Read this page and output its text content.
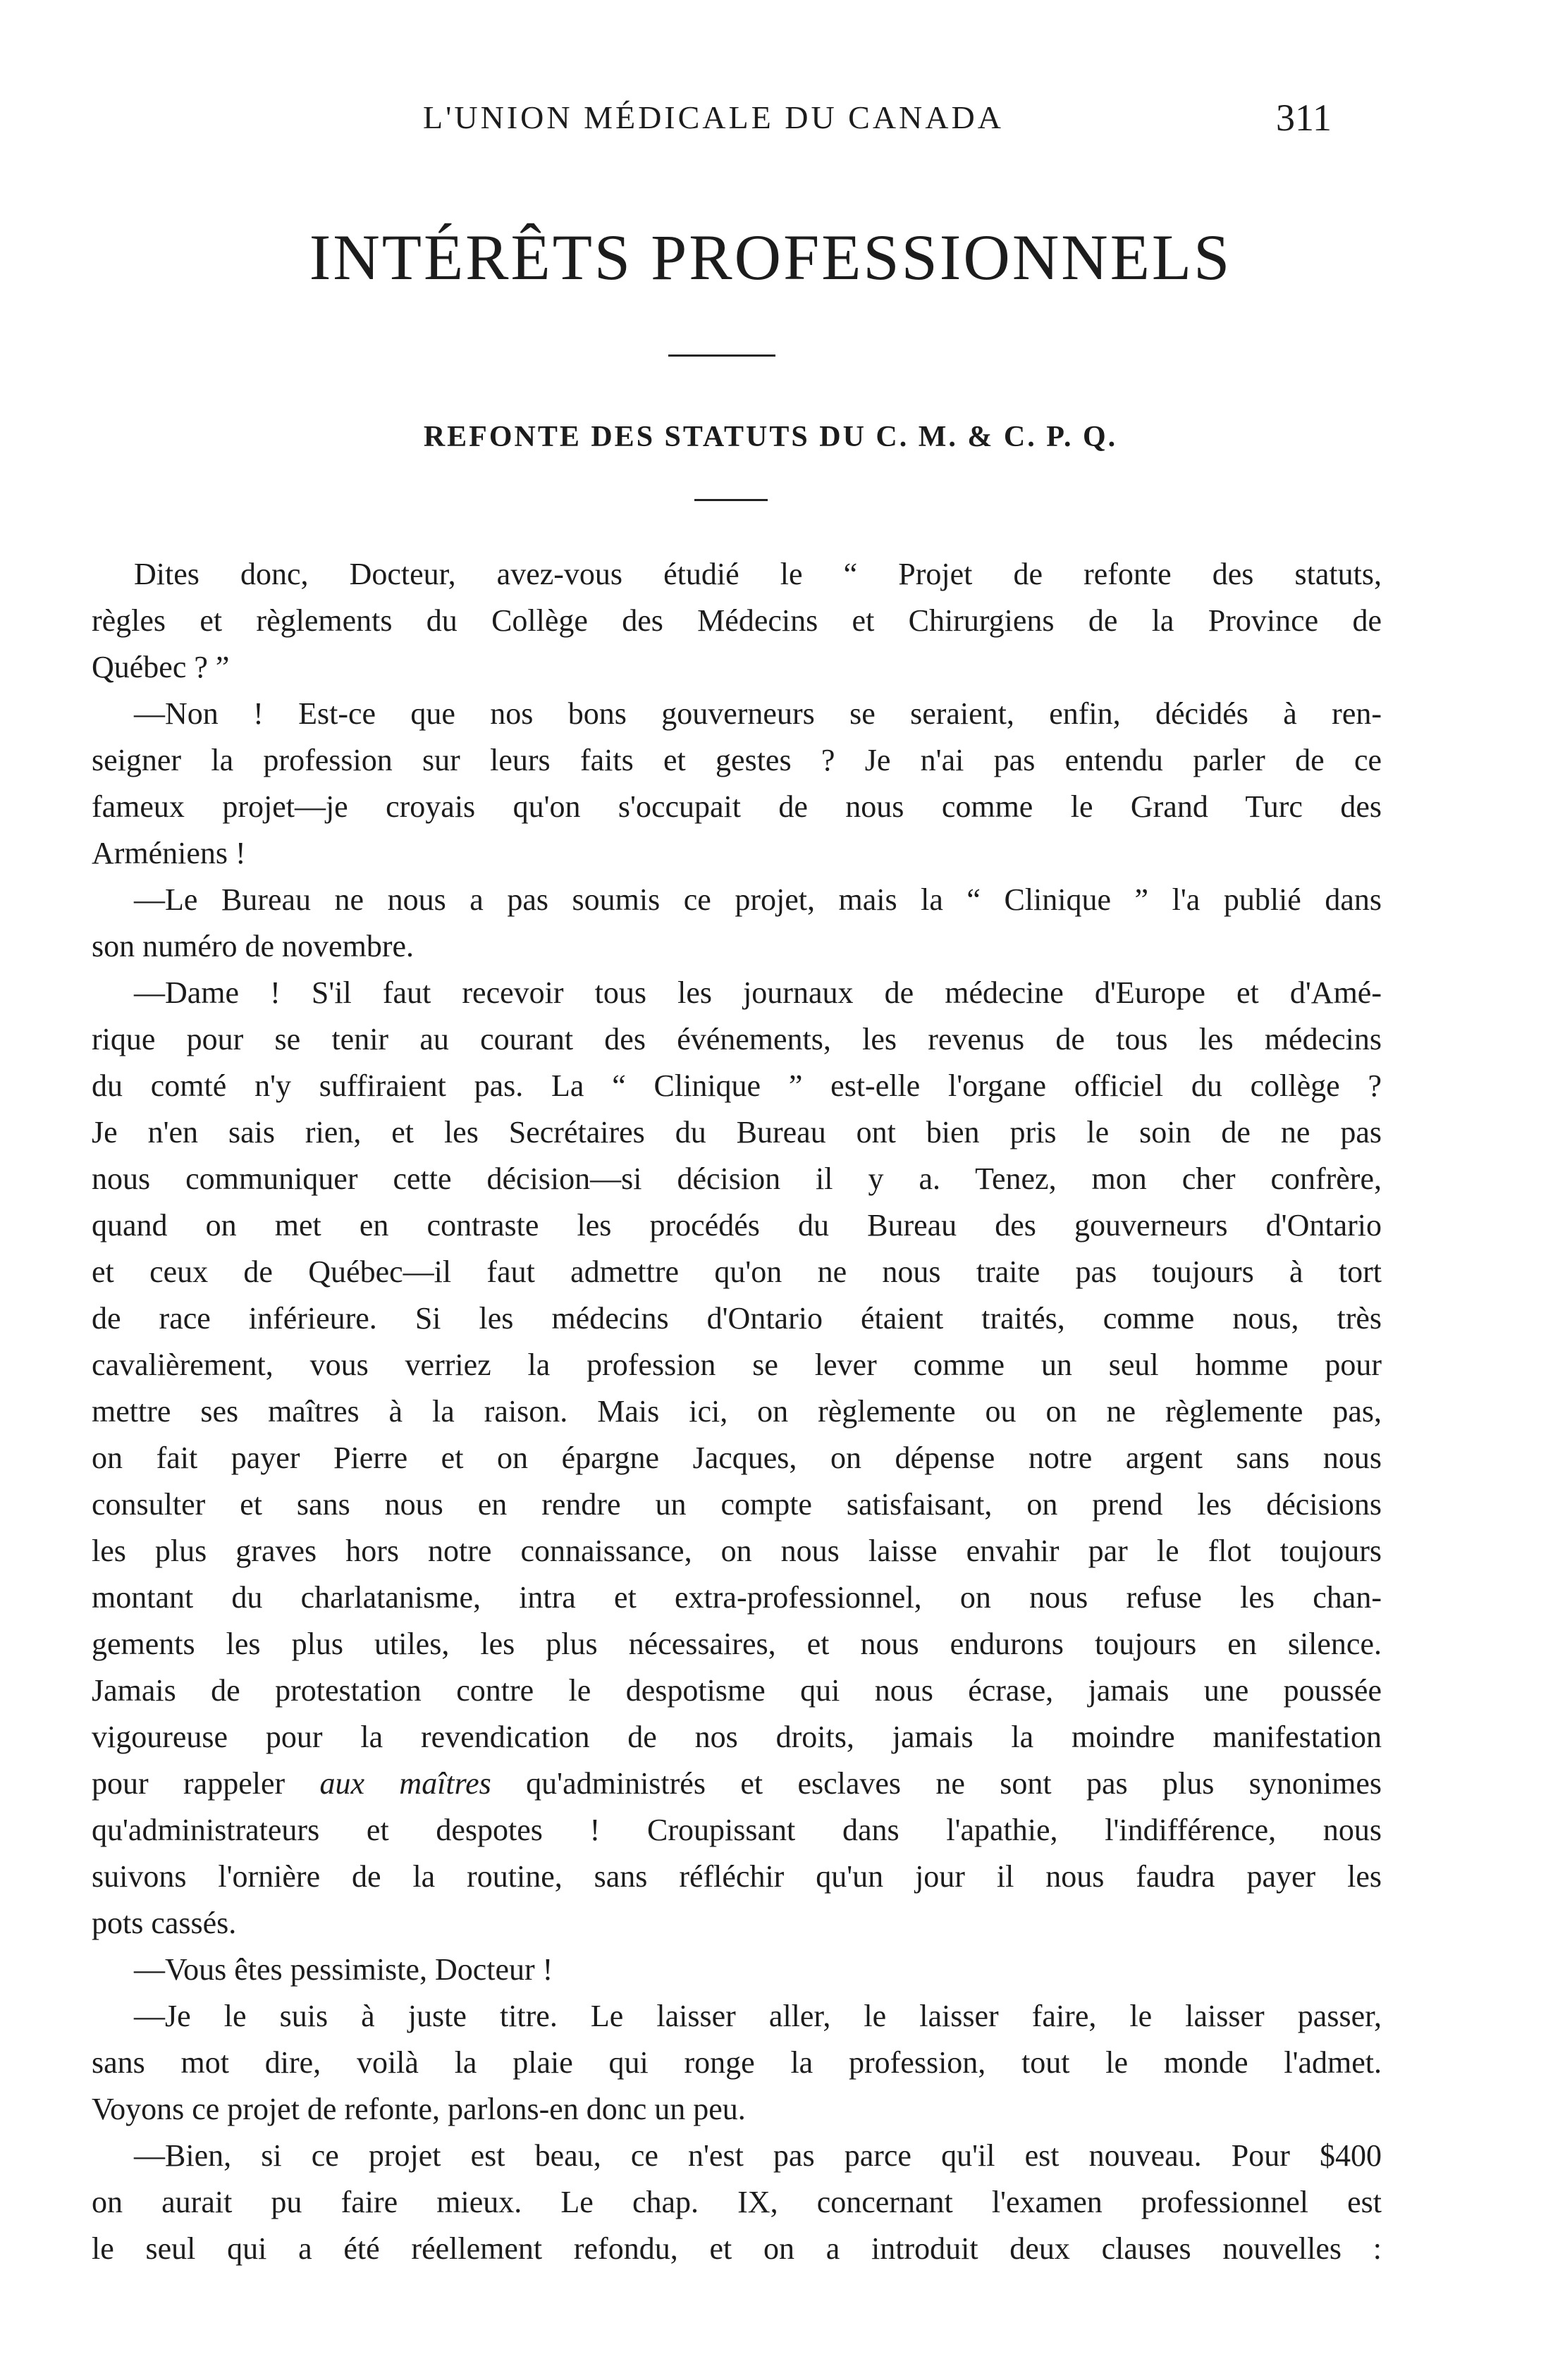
L'UNION MÉDICALE DU CANADA	311
INTÉRÊTS PROFESSIONNELS
REFONTE DES STATUTS DU C. M. & C. P. Q.
Dites donc, Docteur, avez-vous étudié le “ Projet de refonte des statuts,
règles et règlements du Collège des Médecins et Chirurgiens de la Province de
Québec ? ”
—Non ! Est-ce que nos bons gouverneurs se seraient, enfin, décidés à ren-
seigner la profession sur leurs faits et gestes ? Je n'ai pas entendu parler de ce
fameux projet—je croyais qu'on s'occupait de nous comme le Grand Turc des
Arméniens !
—Le Bureau ne nous a pas soumis ce projet, mais la “ Clinique ” l'a publié dans
son numéro de novembre.
—Dame ! S'il faut recevoir tous les journaux de médecine d'Europe et d'Amé-
rique pour se tenir au courant des événements, les revenus de tous les médecins
du comté n'y suffiraient pas. La “ Clinique ” est-elle l'organe officiel du collège ?
Je n'en sais rien, et les Secrétaires du Bureau ont bien pris le soin de ne pas
nous communiquer cette décision—si décision il y a. Tenez, mon cher confrère,
quand on met en contraste les procédés du Bureau des gouverneurs d'Ontario
et ceux de Québec—il faut admettre qu'on ne nous traite pas toujours à tort
de race inférieure. Si les médecins d'Ontario étaient traités, comme nous, très
cavalièrement, vous verriez la profession se lever comme un seul homme pour
mettre ses maîtres à la raison. Mais ici, on règlemente ou on ne règlemente pas,
on fait payer Pierre et on épargne Jacques, on dépense notre argent sans nous
consulter et sans nous en rendre un compte satisfaisant, on prend les décisions
les plus graves hors notre connaissance, on nous laisse envahir par le flot toujours
montant du charlatanisme, intra et extra-professionnel, on nous refuse les chan-
gements les plus utiles, les plus nécessaires, et nous endurons toujours en silence.
Jamais de protestation contre le despotisme qui nous écrase, jamais une poussée
vigoureuse pour la revendication de nos droits, jamais la moindre manifestation
pour rappeler aux maîtres qu'administrés et esclaves ne sont pas plus synonimes
qu'administrateurs et despotes ! Croupissant dans l'apathie, l'indifférence, nous
suivons l'ornière de la routine, sans réfléchir qu'un jour il nous faudra payer les
pots cassés.
—Vous êtes pessimiste, Docteur !
—Je le suis à juste titre. Le laisser aller, le laisser faire, le laisser passer,
sans mot dire, voilà la plaie qui ronge la profession, tout le monde l'admet.
Voyons ce projet de refonte, parlons-en donc un peu.
—Bien, si ce projet est beau, ce n'est pas parce qu'il est nouveau. Pour $400
on aurait pu faire mieux. Le chap. IX, concernant l'examen professionnel est
le seul qui a été réellement refondu, et on a introduit deux clauses nouvelles :
